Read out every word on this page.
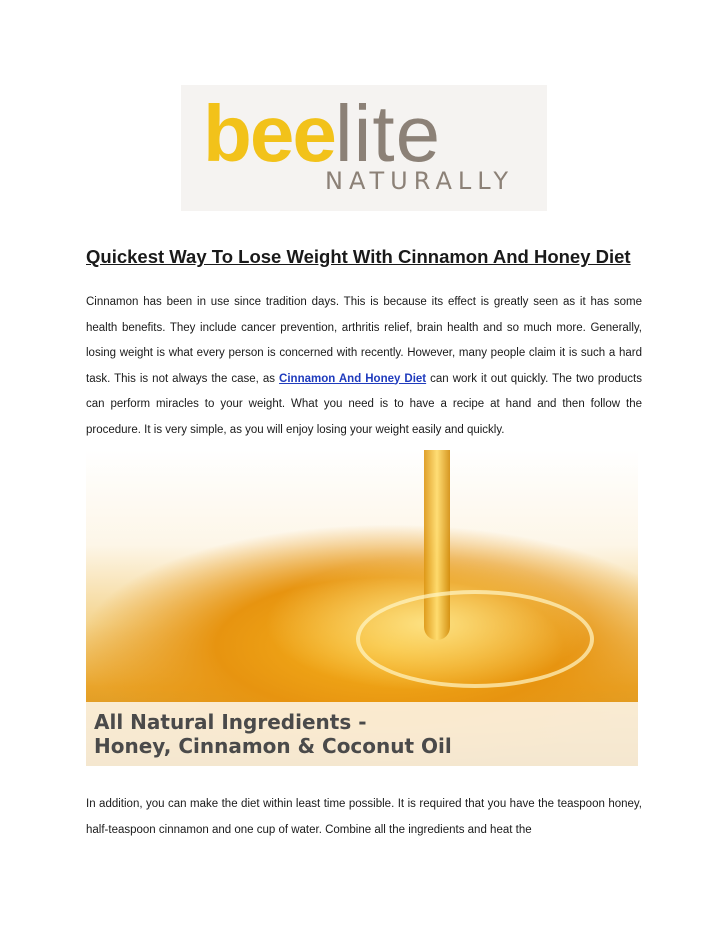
beelite
NATURALLY
Quickest Way To Lose Weight With Cinnamon And Honey Diet

Cinnamon has been in use since tradition days. This is because its effect is greatly seen as it has some health benefits. They include cancer prevention, arthritis relief, brain health and so much more. Generally, losing weight is what every person is concerned with recently. However, many people claim it is such a hard task. This is not always the case, as Cinnamon And Honey Diet can work it out quickly. The two products can perform miracles to your weight. What you need is to have a recipe at hand and then follow the procedure. It is very simple, as you will enjoy losing your weight easily and quickly.

All Natural Ingredients -
Honey, Cinnamon & Coconut Oil

In addition, you can make the diet within least time possible. It is required that you have the teaspoon honey, half-teaspoon cinnamon and one cup of water. Combine all the ingredients and heat the
